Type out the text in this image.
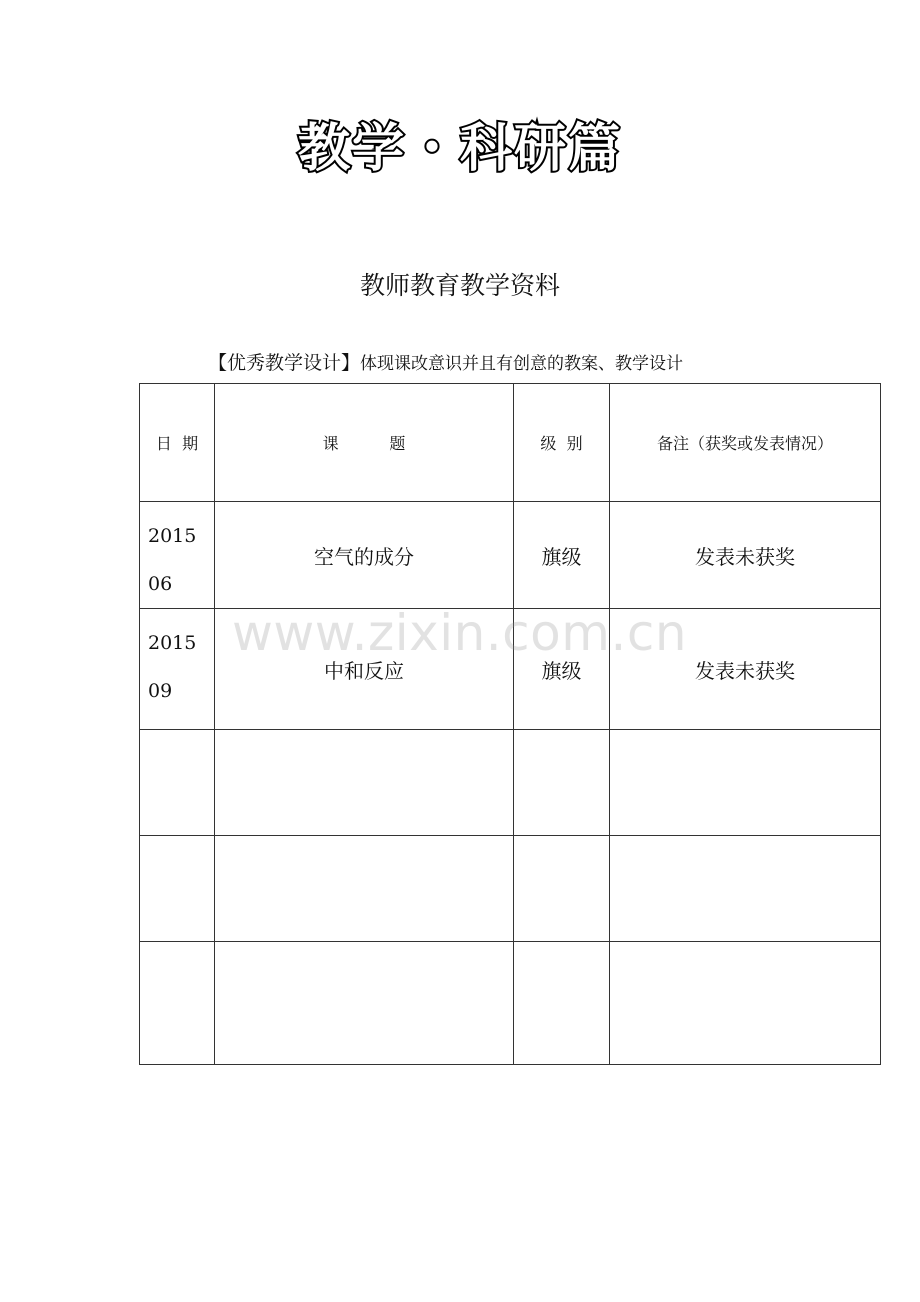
教学・科研篇
教师教育教学资料
【优秀教学设计】体现课改意识并且有创意的教案、教学设计
日  期	课          题	级  别	备注（获奖或发表情况）

2015
06	空气的成分	旗级	发表未获奖

2015
09	中和反应	旗级	发表未获奖

www.zixin.com.cn
